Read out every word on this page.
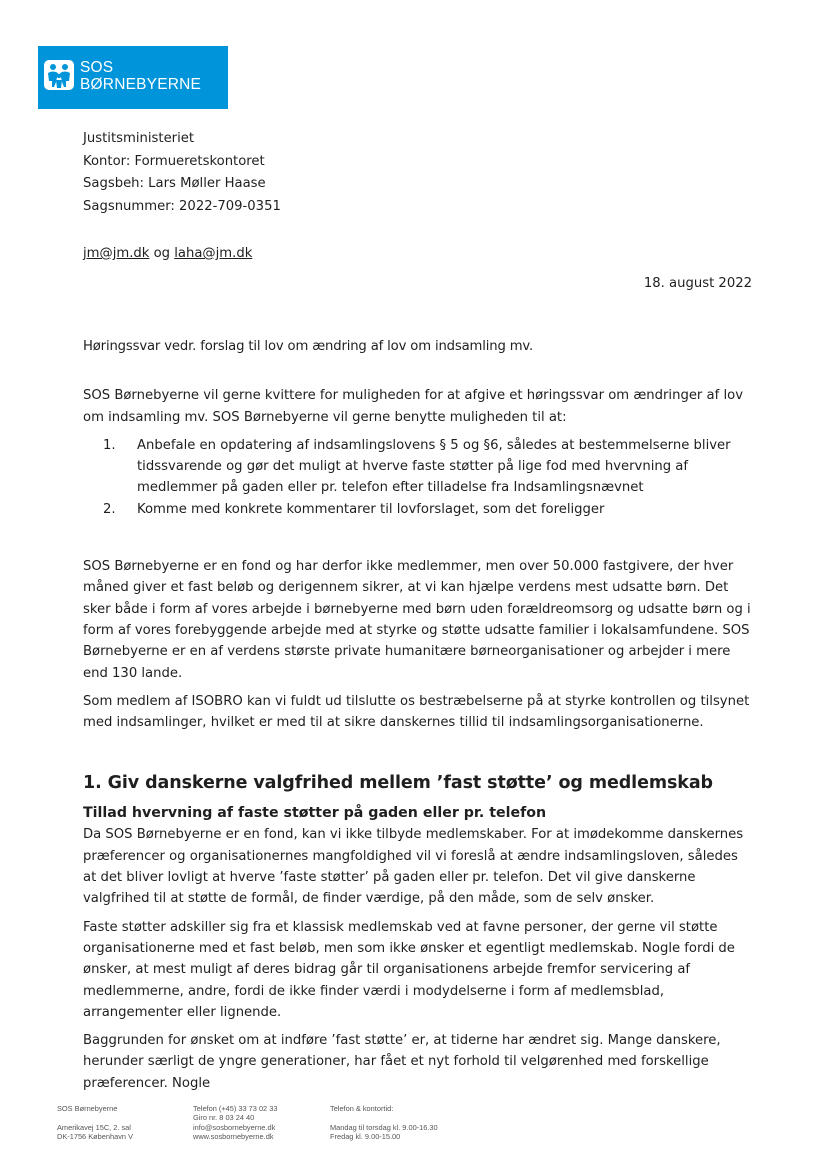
SOS
BØRNEBYERNE
Justitsministeriet
Kontor: Formueretskontoret
Sagsbeh: Lars Møller Haase
Sagsnummer: 2022-709-0351
jm@jm.dk og laha@jm.dk
18. august 2022

Høringssvar vedr. forslag til lov om ændring af lov om indsamling mv.

SOS Børnebyerne vil gerne kvittere for muligheden for at afgive et høringssvar om ændringer af lov om indsamling mv. SOS Børnebyerne vil gerne benytte muligheden til at:

1. Anbefale en opdatering af indsamlingslovens § 5 og §6, således at bestemmelserne bliver tidssvarende og gør det muligt at hverve faste støtter på lige fod med hvervning af medlemmer på gaden eller pr. telefon efter tilladelse fra Indsamlingsnævnet
2. Komme med konkrete kommentarer til lovforslaget, som det foreligger

SOS Børnebyerne er en fond og har derfor ikke medlemmer, men over 50.000 fastgivere, der hver måned giver et fast beløb og derigennem sikrer, at vi kan hjælpe verdens mest udsatte børn. Det sker både i form af vores arbejde i børnebyerne med børn uden forældreomsorg og udsatte børn og i form af vores forebyggende arbejde med at styrke og støtte udsatte familier i lokalsamfundene. SOS Børnebyerne er en af verdens største private humanitære børneorganisationer og arbejder i mere end 130 lande.

Som medlem af ISOBRO kan vi fuldt ud tilslutte os bestræbelserne på at styrke kontrollen og tilsynet med indsamlinger, hvilket er med til at sikre danskernes tillid til indsamlingsorganisationerne.

1. Giv danskerne valgfrihed mellem ’fast støtte’ og medlemskab
Tillad hvervning af faste støtter på gaden eller pr. telefon

Da SOS Børnebyerne er en fond, kan vi ikke tilbyde medlemskaber. For at imødekomme danskernes præferencer og organisationernes mangfoldighed vil vi foreslå at ændre indsamlingsloven, således at det bliver lovligt at hverve ’faste støtter’ på gaden eller pr. telefon. Det vil give danskerne valgfrihed til at støtte de formål, de finder værdige, på den måde, som de selv ønsker.

Faste støtter adskiller sig fra et klassisk medlemskab ved at favne personer, der gerne vil støtte organisationerne med et fast beløb, men som ikke ønsker et egentligt medlemskab. Nogle fordi de ønsker, at mest muligt af deres bidrag går til organisationens arbejde fremfor servicering af medlemmerne, andre, fordi de ikke finder værdi i modydelserne i form af medlemsblad, arrangementer eller lignende.

Baggrunden for ønsket om at indføre ’fast støtte’ er, at tiderne har ændret sig. Mange danskere, herunder særligt de yngre generationer, har fået et nyt forhold til velgørenhed med forskellige præferencer. Nogle

SOS Børnebyerne
Amerikavej 15C, 2. sal
DK-1756 København V
Telefon (+45) 33 73 02 33
Giro nr. 8 03 24 40
info@sosbornebyerne.dk
www.sosbornebyerne.dk
Telefon & kontortid:
Mandag til torsdag kl. 9.00-16.30
Fredag kl. 9.00-15.00
